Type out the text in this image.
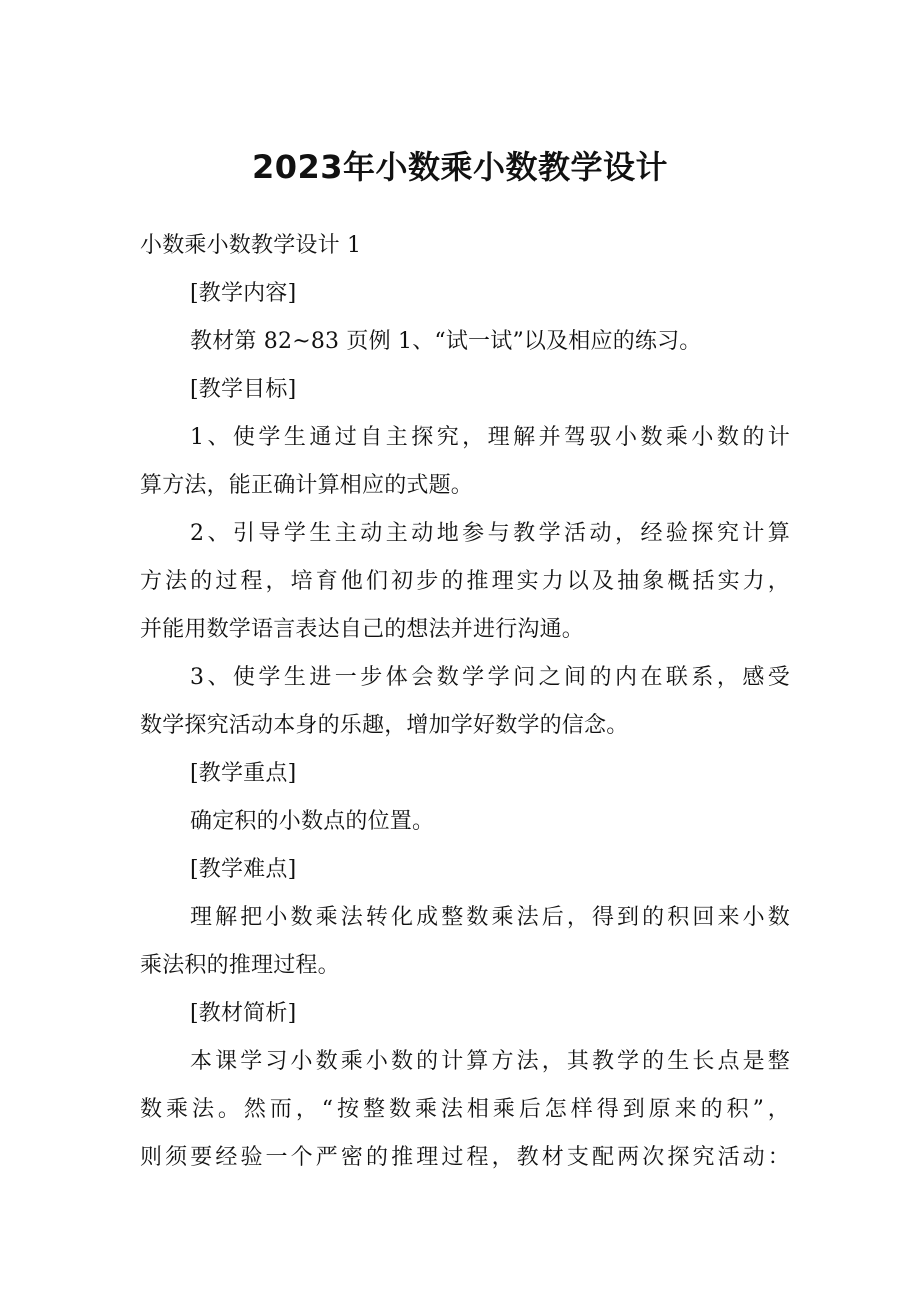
2023年小数乘小数教学设计
小数乘小数教学设计 1
[教学内容]
教材第 82~83 页例 1、“试一试”以及相应的练习。
[教学目标]
1、使学生通过自主探究，理解并驾驭小数乘小数的计
算方法，能正确计算相应的式题。
2、引导学生主动主动地参与教学活动，经验探究计算
方法的过程，培育他们初步的推理实力以及抽象概括实力，
并能用数学语言表达自己的想法并进行沟通。
3、使学生进一步体会数学学问之间的内在联系，感受
数学探究活动本身的乐趣，增加学好数学的信念。
[教学重点]
确定积的小数点的位置。
[教学难点]
理解把小数乘法转化成整数乘法后，得到的积回来小数
乘法积的推理过程。
[教材简析]
本课学习小数乘小数的计算方法，其教学的生长点是整
数乘法。然而，“按整数乘法相乘后怎样得到原来的积”，
则须要经验一个严密的推理过程，教材支配两次探究活动：
